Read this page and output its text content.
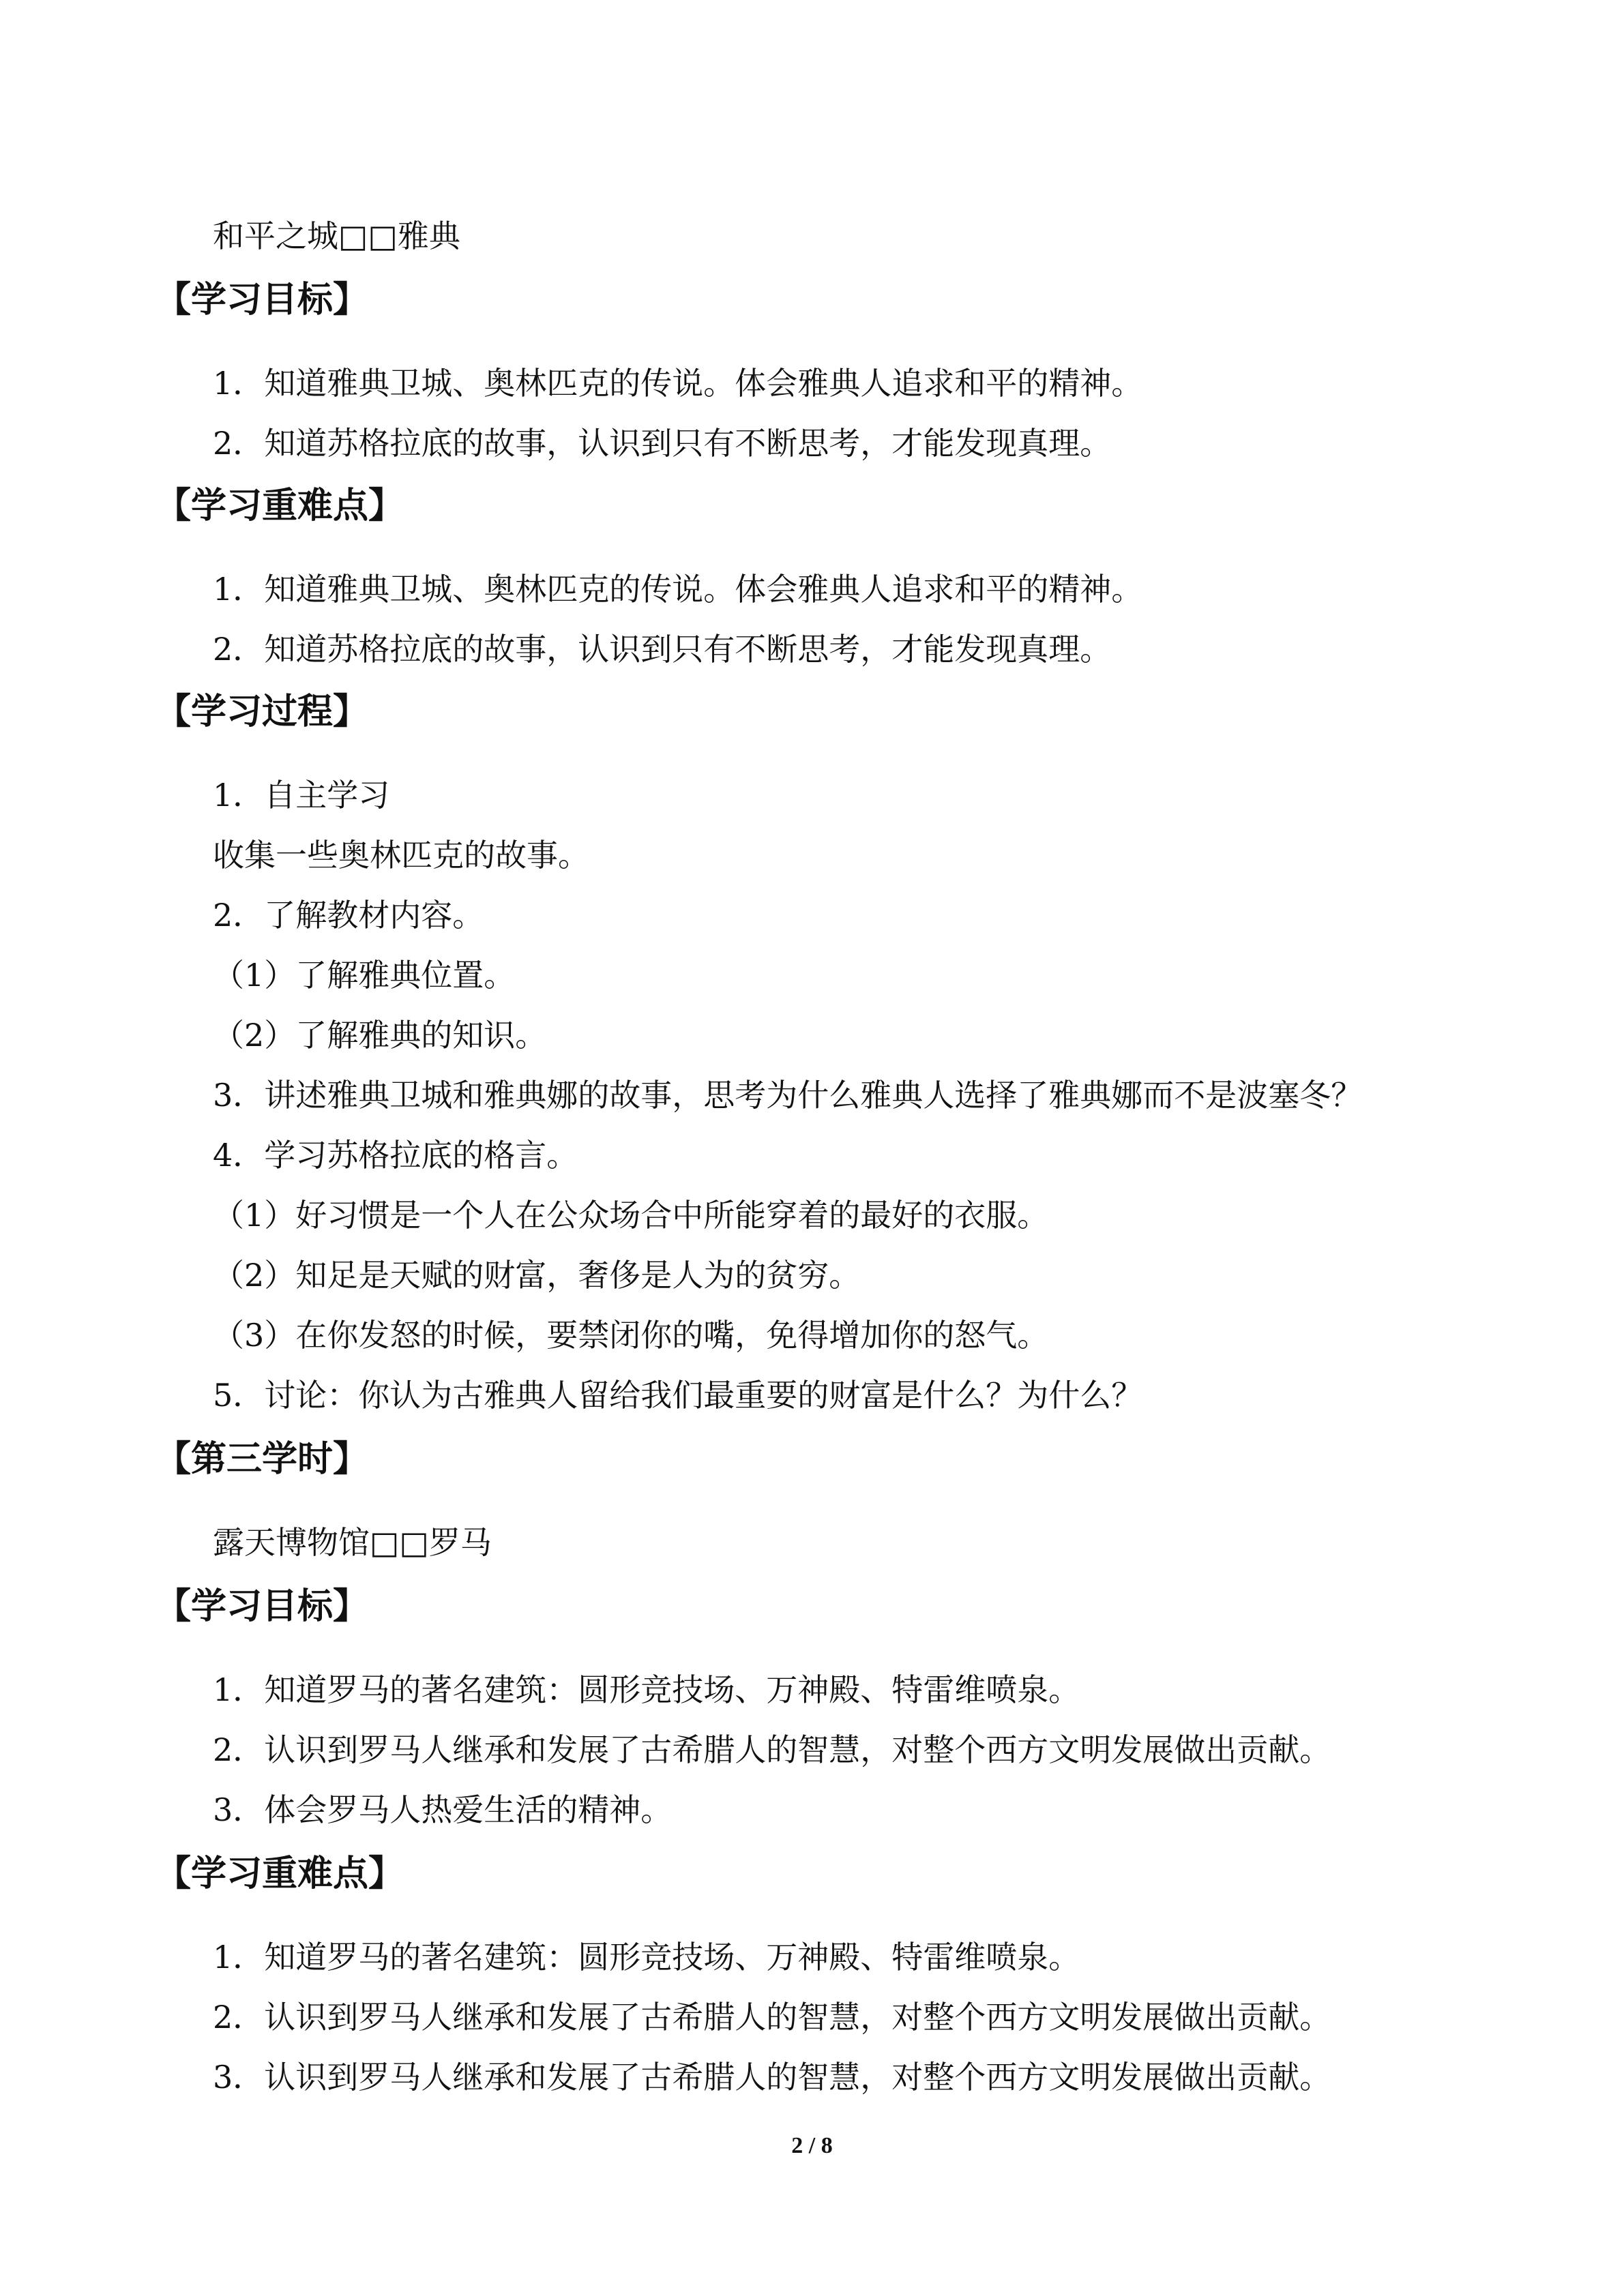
和平之城□□雅典
【学习目标】
1．知道雅典卫城、奥林匹克的传说。体会雅典人追求和平的精神。
2．知道苏格拉底的故事，认识到只有不断思考，才能发现真理。
【学习重难点】
1．知道雅典卫城、奥林匹克的传说。体会雅典人追求和平的精神。
2．知道苏格拉底的故事，认识到只有不断思考，才能发现真理。
【学习过程】
1．自主学习
收集一些奥林匹克的故事。
2．了解教材内容。
（1）了解雅典位置。
（2）了解雅典的知识。
3．讲述雅典卫城和雅典娜的故事，思考为什么雅典人选择了雅典娜而不是波塞冬？
4．学习苏格拉底的格言。
（1）好习惯是一个人在公众场合中所能穿着的最好的衣服。
（2）知足是天赋的财富，奢侈是人为的贫穷。
（3）在你发怒的时候，要禁闭你的嘴，免得增加你的怒气。
5．讨论：你认为古雅典人留给我们最重要的财富是什么？为什么？
【第三学时】
露天博物馆□□罗马
【学习目标】
1．知道罗马的著名建筑：圆形竞技场、万神殿、特雷维喷泉。
2．认识到罗马人继承和发展了古希腊人的智慧，对整个西方文明发展做出贡献。
3．体会罗马人热爱生活的精神。
【学习重难点】
1．知道罗马的著名建筑：圆形竞技场、万神殿、特雷维喷泉。
2．认识到罗马人继承和发展了古希腊人的智慧，对整个西方文明发展做出贡献。
3．认识到罗马人继承和发展了古希腊人的智慧，对整个西方文明发展做出贡献。
2 / 8
